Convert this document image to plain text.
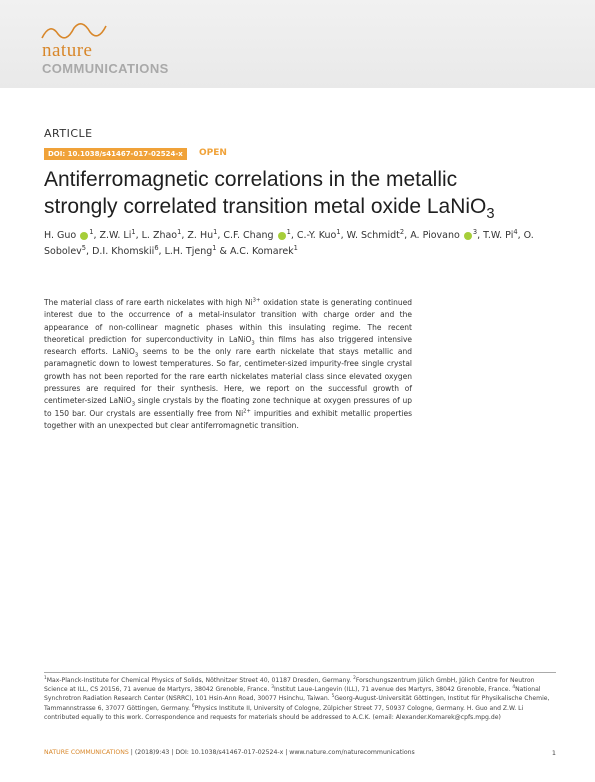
nature
COMMUNICATIONS
ARTICLE
DOI: 10.1038/s41467-017-02524-x	OPEN
Antiferromagnetic correlations in the metallic
strongly correlated transition metal oxide LaNiO$_3$
H. Guo $^1$, Z.W. Li$^1$, L. Zhao$^1$, Z. Hu$^1$, C.F. Chang $^1$, C.-Y. Kuo$^1$, W. Schmidt$^2$, A. Piovano $^3$, T.W. Pi$^4$, O. Sobolev$^5$, D.I. Khomskii$^6$, L.H. Tjeng$^1$ & A.C. Komarek$^1$

The material class of rare earth nickelates with high $Ni^{3+}$ oxidation state is generating continued interest due to the occurrence of a metal-insulator transition with charge order and the appearance of non-collinear magnetic phases within this insulating regime. The recent theoretical prediction for superconductivity in LaNiO$_3$ thin films has also triggered intensive research efforts. LaNiO$_3$ seems to be the only rare earth nickelate that stays metallic and paramagnetic down to lowest temperatures. So far, centimeter-sized impurity-free single crystal growth has not been reported for the rare earth nickelates material class since elevated oxygen pressures are required for their synthesis. Here, we report on the successful growth of centimeter-sized LaNiO$_3$ single crystals by the floating zone technique at oxygen pressures of up to 150 bar. Our crystals are essentially free from $Ni^{2+}$ impurities and exhibit metallic properties together with an unexpected but clear antiferromagnetic transition.

$^1$Max-Planck-Institute for Chemical Physics of Solids, Nöthnitzer Street 40, 01187 Dresden, Germany. $^2$Forschungszentrum Jülich GmbH, Jülich Centre for Neutron Science at ILL, CS 20156, 71 avenue de Martyrs, 38042 Grenoble, France. $^3$Institut Laue-Langevin (ILL), 71 avenue des Martyrs, 38042 Grenoble, France. $^4$National Synchrotron Radiation Research Center (NSRRC), 101 Hsin-Ann Road, 30077 Hsinchu, Taiwan. $^5$Georg-August-Universität Göttingen, Institut für Physikalische Chemie, Tammannstrasse 6, 37077 Göttingen, Germany. $^6$Physics Institute II, University of Cologne, Zülpicher Street 77, 50937 Cologne, Germany. H. Guo and Z.W. Li contributed equally to this work. Correspondence and requests for materials should be addressed to A.C.K. (email: Alexander.Komarek@cpfs.mpg.de)

NATURE COMMUNICATIONS | (2018)9:43 | DOI: 10.1038/s41467-017-02524-x | www.nature.com/naturecommunications	1
